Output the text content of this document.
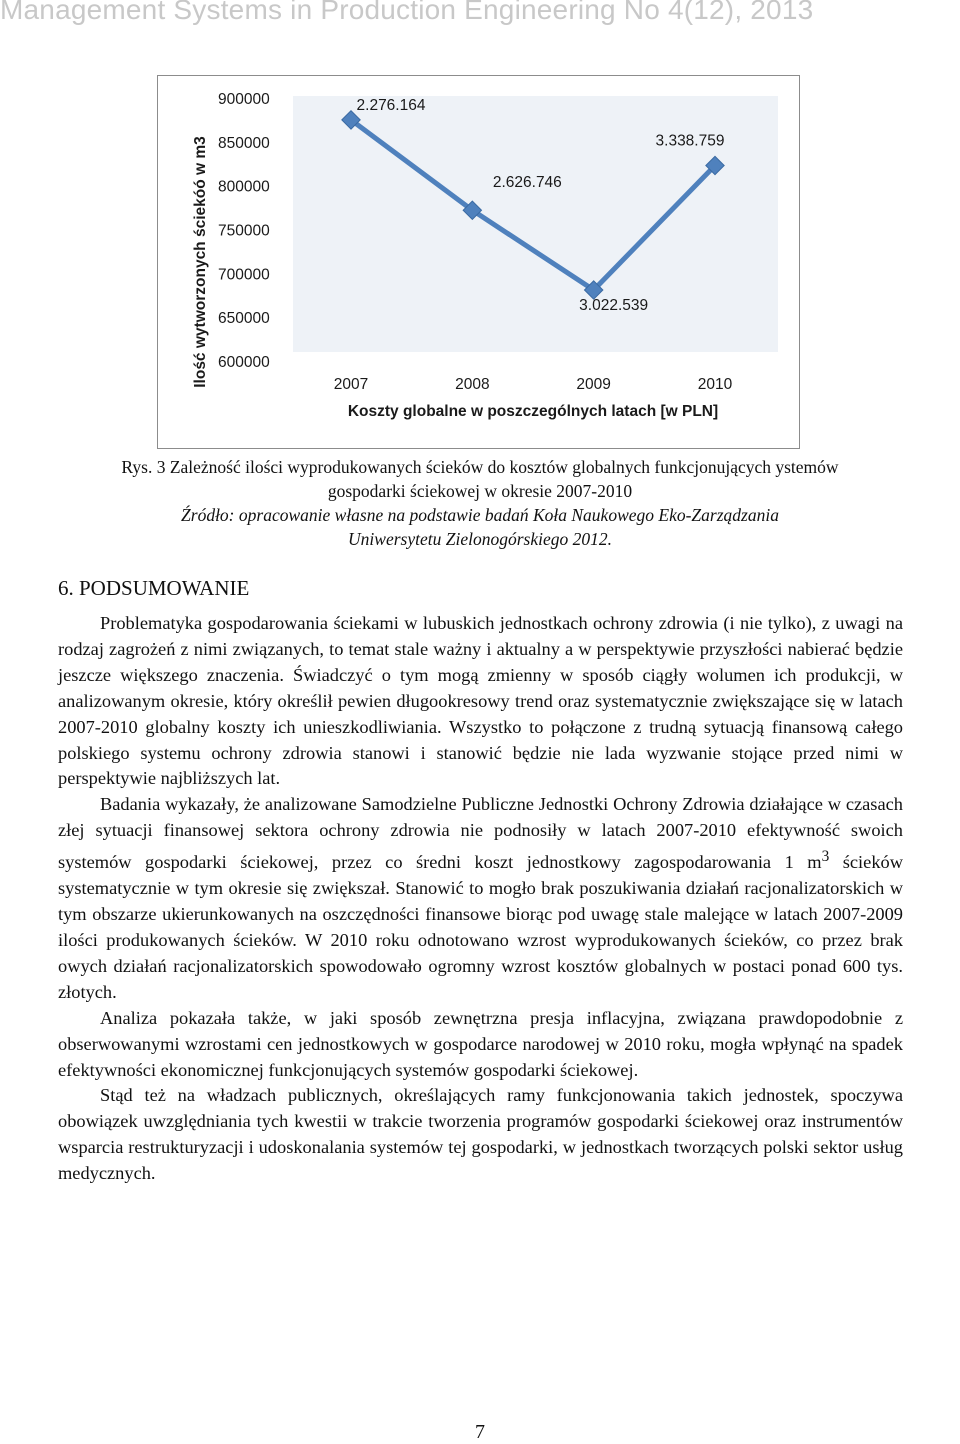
Management Systems in Production Engineering No 4(12), 2013
900000
850000
800000
750000
700000
650000
600000
2007	2008	2009	2010
Koszty globalne w poszczególnych latach [w PLN]
Ilość wytworzonych ściekóó w m3
2.276.164
2.626.746
3.022.539
3.338.759
Rys. 3 Zależność ilości wyprodukowanych ścieków do kosztów globalnych funkcjonujących ystemów
gospodarki ściekowej w okresie 2007-2010
Źródło: opracowanie własne na podstawie badań Koła Naukowego Eko-Zarządzania
Uniwersytetu Zielonogórskiego 2012.
6. PODSUMOWANIE

Problematyka gospodarowania ściekami w lubuskich jednostkach ochrony zdrowia (i nie tylko), z uwagi na rodzaj zagrożeń z nimi związanych, to temat stale ważny i aktualny a w perspektywie przyszłości nabierać będzie jeszcze większego znaczenia. Świadczyć o tym mogą zmienny w sposób ciągły wolumen ich produkcji, w analizowanym okresie, który określił pewien długookresowy trend oraz systematycznie zwiększające się w latach 2007-2010 globalny koszty ich unieszkodliwiania. Wszystko to połączone z trudną sytuacją finansową całego polskiego systemu ochrony zdrowia stanowi i stanowić będzie nie lada wyzwanie stojące przed nimi w perspektywie najbliższych lat.

Badania wykazały, że analizowane Samodzielne Publiczne Jednostki Ochrony Zdrowia działające w czasach złej sytuacji finansowej sektora ochrony zdrowia nie podnosiły w latach 2007-2010 efektywność swoich systemów gospodarki ściekowej, przez co średni koszt jednostkowy zagospodarowania 1 $m^3$ ścieków systematycznie w tym okresie się zwiększał. Stanowić to mogło brak poszukiwania działań racjonalizatorskich w tym obszarze ukierunkowanych na oszczędności finansowe biorąc pod uwagę stale malejące w latach 2007-2009 ilości produkowanych ścieków. W 2010 roku odnotowano wzrost wyprodukowanych ścieków, co przez brak owych działań racjonalizatorskich spowodowało ogromny wzrost kosztów globalnych w postaci ponad 600 tys. złotych.

Analiza pokazała także, w jaki sposób zewnętrzna presja inflacyjna, związana prawdopodobnie z obserwowanymi wzrostami cen jednostkowych w gospodarce narodowej w 2010 roku, mogła wpłynąć na spadek efektywności ekonomicznej funkcjonujących systemów gospodarki ściekowej.

Stąd też na władzach publicznych, określających ramy funkcjonowania takich jednostek, spoczywa obowiązek uwzględniania tych kwestii w trakcie tworzenia programów gospodarki ściekowej oraz instrumentów wsparcia restrukturyzacji i udoskonalania systemów tej gospodarki, w jednostkach tworzących polski sektor usług medycznych.

7
